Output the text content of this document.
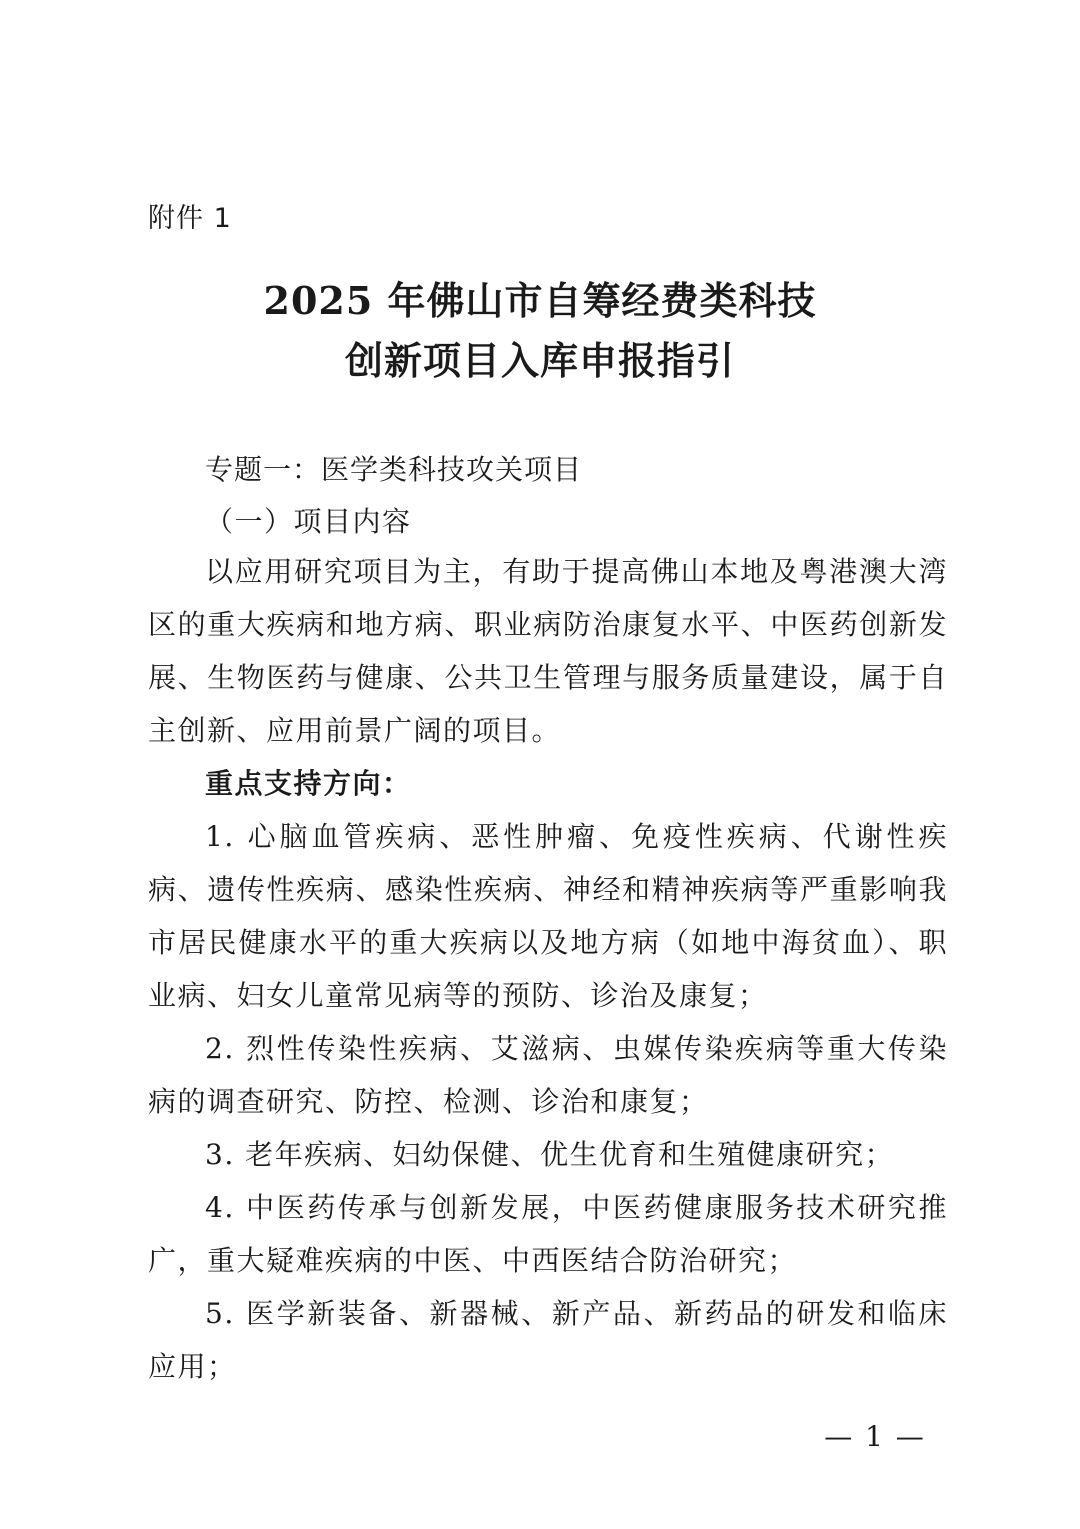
附件 1
2025 年佛山市自筹经费类科技
创新项目入库申报指引
专题一：医学类科技攻关项目
（一）项目内容
以应用研究项目为主，有助于提高佛山本地及粤港澳大湾区的重大疾病和地方病、职业病防治康复水平、中医药创新发展、生物医药与健康、公共卫生管理与服务质量建设，属于自主创新、应用前景广阔的项目。
重点支持方向：
1. 心脑血管疾病、恶性肿瘤、免疫性疾病、代谢性疾病、遗传性疾病、感染性疾病、神经和精神疾病等严重影响我市居民健康水平的重大疾病以及地方病（如地中海贫血）、职业病、妇女儿童常见病等的预防、诊治及康复；
2. 烈性传染性疾病、艾滋病、虫媒传染疾病等重大传染病的调查研究、防控、检测、诊治和康复；
3. 老年疾病、妇幼保健、优生优育和生殖健康研究；
4. 中医药传承与创新发展，中医药健康服务技术研究推广，重大疑难疾病的中医、中西医结合防治研究；
5. 医学新装备、新器械、新产品、新药品的研发和临床应用；
— 1 —
